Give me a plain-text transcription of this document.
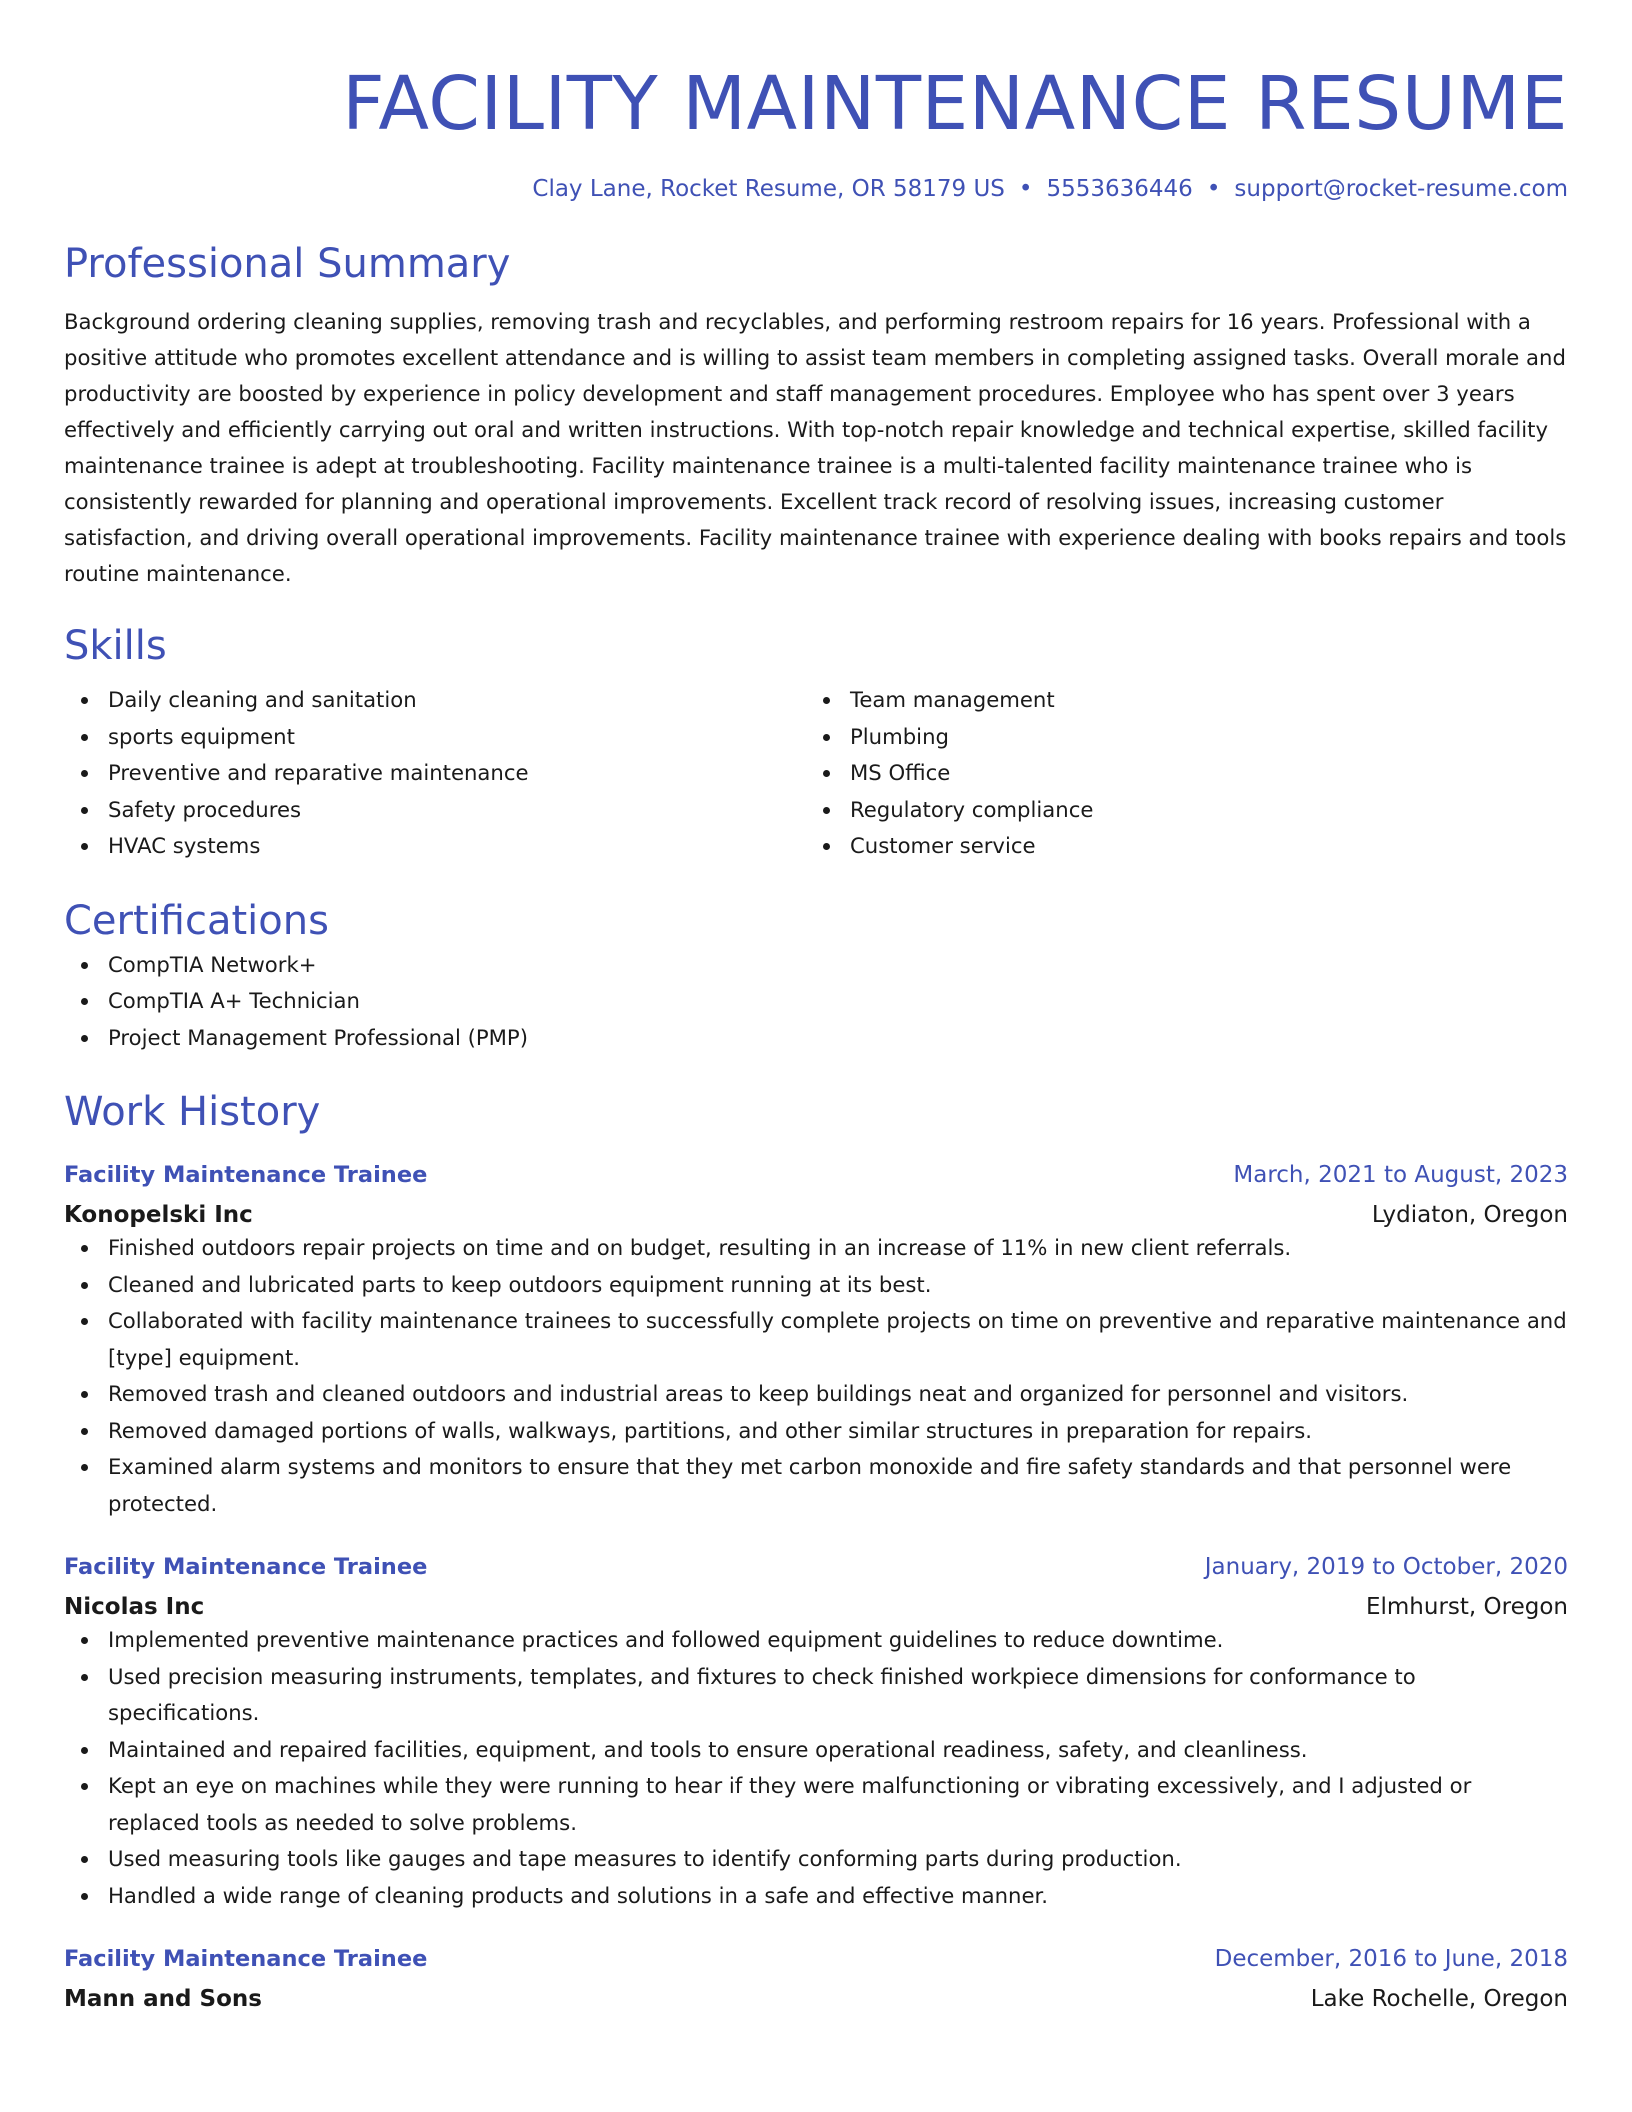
FACILITY MAINTENANCE RESUME
Clay Lane, Rocket Resume, OR 58179 US • 5553636446 • support@rocket-resume.com
Professional Summary

Background ordering cleaning supplies, removing trash and recyclables, and performing restroom repairs for 16 years. Professional with a positive attitude who promotes excellent attendance and is willing to assist team members in completing assigned tasks. Overall morale and productivity are boosted by experience in policy development and staff management procedures. Employee who has spent over 3 years effectively and efficiently carrying out oral and written instructions. With top-notch repair knowledge and technical expertise, skilled facility maintenance trainee is adept at troubleshooting. Facility maintenance trainee is a multi-talented facility maintenance trainee who is consistently rewarded for planning and operational improvements. Excellent track record of resolving issues, increasing customer satisfaction, and driving overall operational improvements. Facility maintenance trainee with experience dealing with books repairs and tools routine maintenance.

Skills
Daily cleaning and sanitation
sports equipment
Preventive and reparative maintenance
Safety procedures
HVAC systems
Team management
Plumbing
MS Office
Regulatory compliance
Customer service
Certifications
CompTIA Network+
CompTIA A+ Technician
Project Management Professional (PMP)
Work History
Facility Maintenance Trainee	March, 2021 to August, 2023
Konopelski Inc	Lydiaton, Oregon
Finished outdoors repair projects on time and on budget, resulting in an increase of 11% in new client referrals.
Cleaned and lubricated parts to keep outdoors equipment running at its best.
Collaborated with facility maintenance trainees to successfully complete projects on time on preventive and reparative maintenance and [type] equipment.
Removed trash and cleaned outdoors and industrial areas to keep buildings neat and organized for personnel and visitors.
Removed damaged portions of walls, walkways, partitions, and other similar structures in preparation for repairs.
Examined alarm systems and monitors to ensure that they met carbon monoxide and fire safety standards and that personnel were protected.
Facility Maintenance Trainee	January, 2019 to October, 2020
Nicolas Inc	Elmhurst, Oregon
Implemented preventive maintenance practices and followed equipment guidelines to reduce downtime.
Used precision measuring instruments, templates, and fixtures to check finished workpiece dimensions for conformance to specifications.
Maintained and repaired facilities, equipment, and tools to ensure operational readiness, safety, and cleanliness.
Kept an eye on machines while they were running to hear if they were malfunctioning or vibrating excessively, and I adjusted or replaced tools as needed to solve problems.
Used measuring tools like gauges and tape measures to identify conforming parts during production.
Handled a wide range of cleaning products and solutions in a safe and effective manner.
Facility Maintenance Trainee	December, 2016 to June, 2018
Mann and Sons	Lake Rochelle, Oregon
